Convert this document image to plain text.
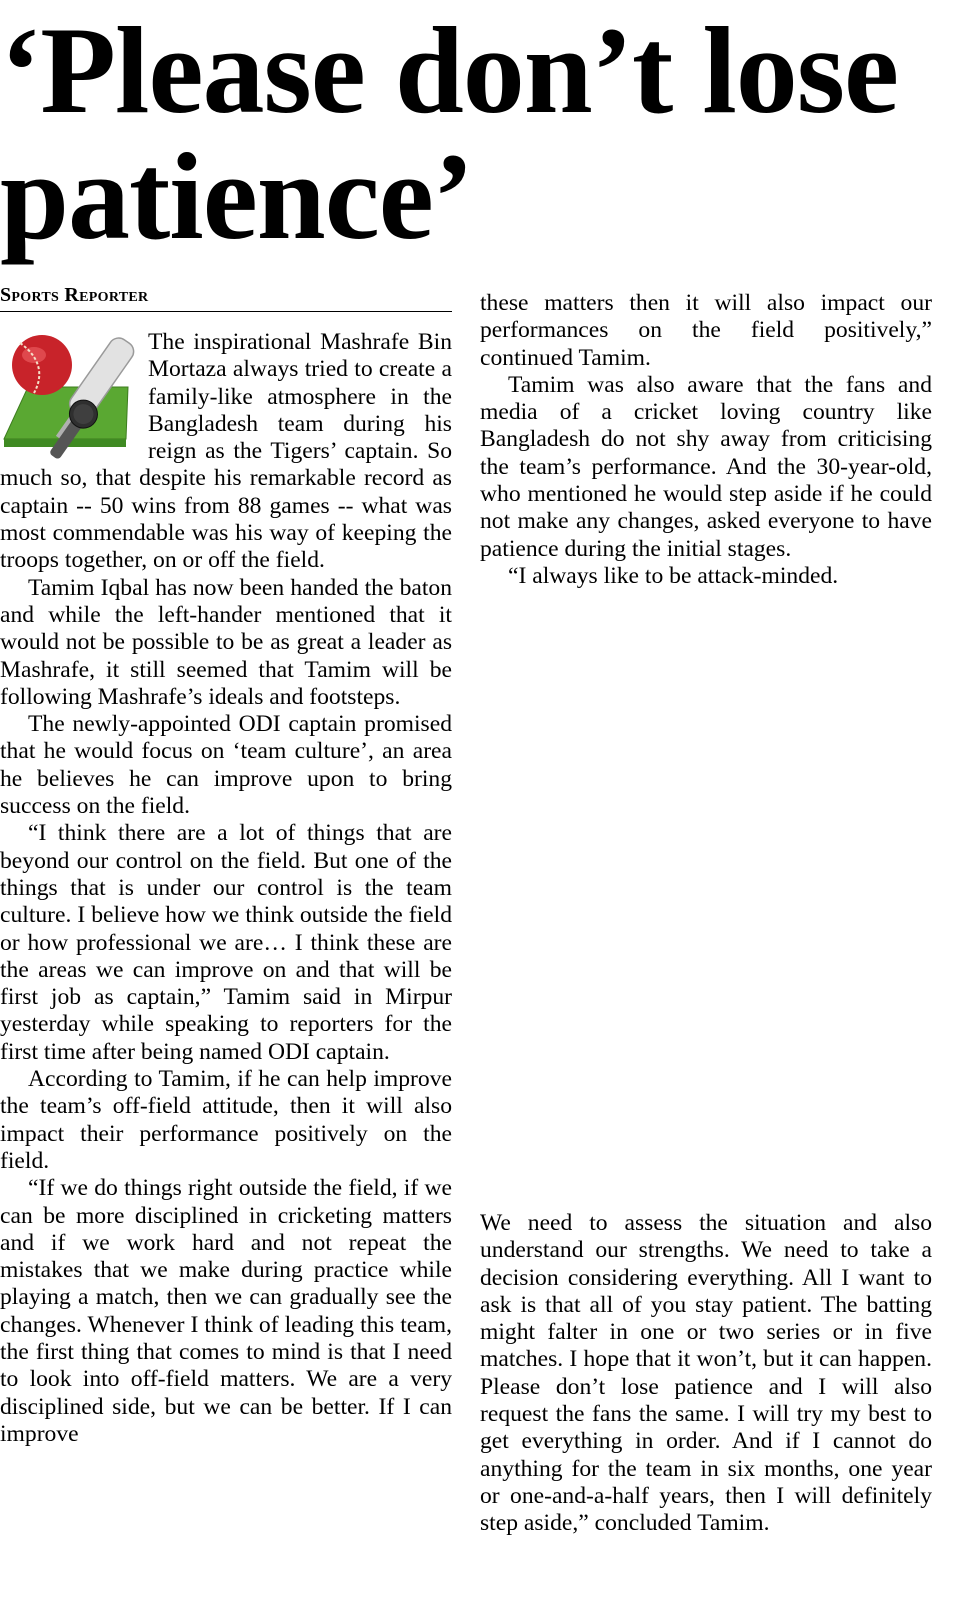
‘Please don’t lose
patience’
Sports Reporter

The inspirational Mashrafe Bin Mortaza always tried to create a family-like atmosphere in the Bangladesh team during his reign as the Tigers’ captain. So much so, that despite his remarkable record as captain -- 50 wins from 88 games -- what was most commendable was his way of keeping the troops together, on or off the field.

Tamim Iqbal has now been handed the baton and while the left-hander mentioned that it would not be possible to be as great a leader as Mashrafe, it still seemed that Tamim will be following Mashrafe’s ideals and footsteps.

The newly-appointed ODI captain promised that he would focus on ‘team culture’, an area he believes he can improve upon to bring success on the field.

“I think there are a lot of things that are beyond our control on the field. But one of the things that is under our control is the team culture. I believe how we think outside the field or how professional we are… I think these are the areas we can improve on and that will be first job as captain,” Tamim said in Mirpur yesterday while speaking to reporters for the first time after being named ODI captain.

According to Tamim, if he can help improve the team’s off-field attitude, then it will also impact their performance positively on the field.

“If we do things right outside the field, if we can be more disciplined in cricketing matters and if we work hard and not repeat the mistakes that we make during practice while playing a match, then we can gradually see the changes. Whenever I think of leading this team, the first thing that comes to mind is that I need to look into off-field matters. We are a very disciplined side, but we can be better. If I can improve

these matters then it will also impact our performances on the field positively,” continued Tamim.

Tamim was also aware that the fans and media of a cricket loving country like Bangladesh do not shy away from criticising the team’s performance. And the 30-year-old, who mentioned he would step aside if he could not make any changes, asked everyone to have patience during the initial stages.

“I always like to be attack-minded.

We need to assess the situation and also understand our strengths. We need to take a decision considering everything. All I want to ask is that all of you stay patient. The batting might falter in one or two series or in five matches. I hope that it won’t, but it can happen. Please don’t lose patience and I will also request the fans the same. I will try my best to get everything in order. And if I cannot do anything for the team in six months, one year or one-and-a-half years, then I will definitely step aside,” concluded Tamim.
